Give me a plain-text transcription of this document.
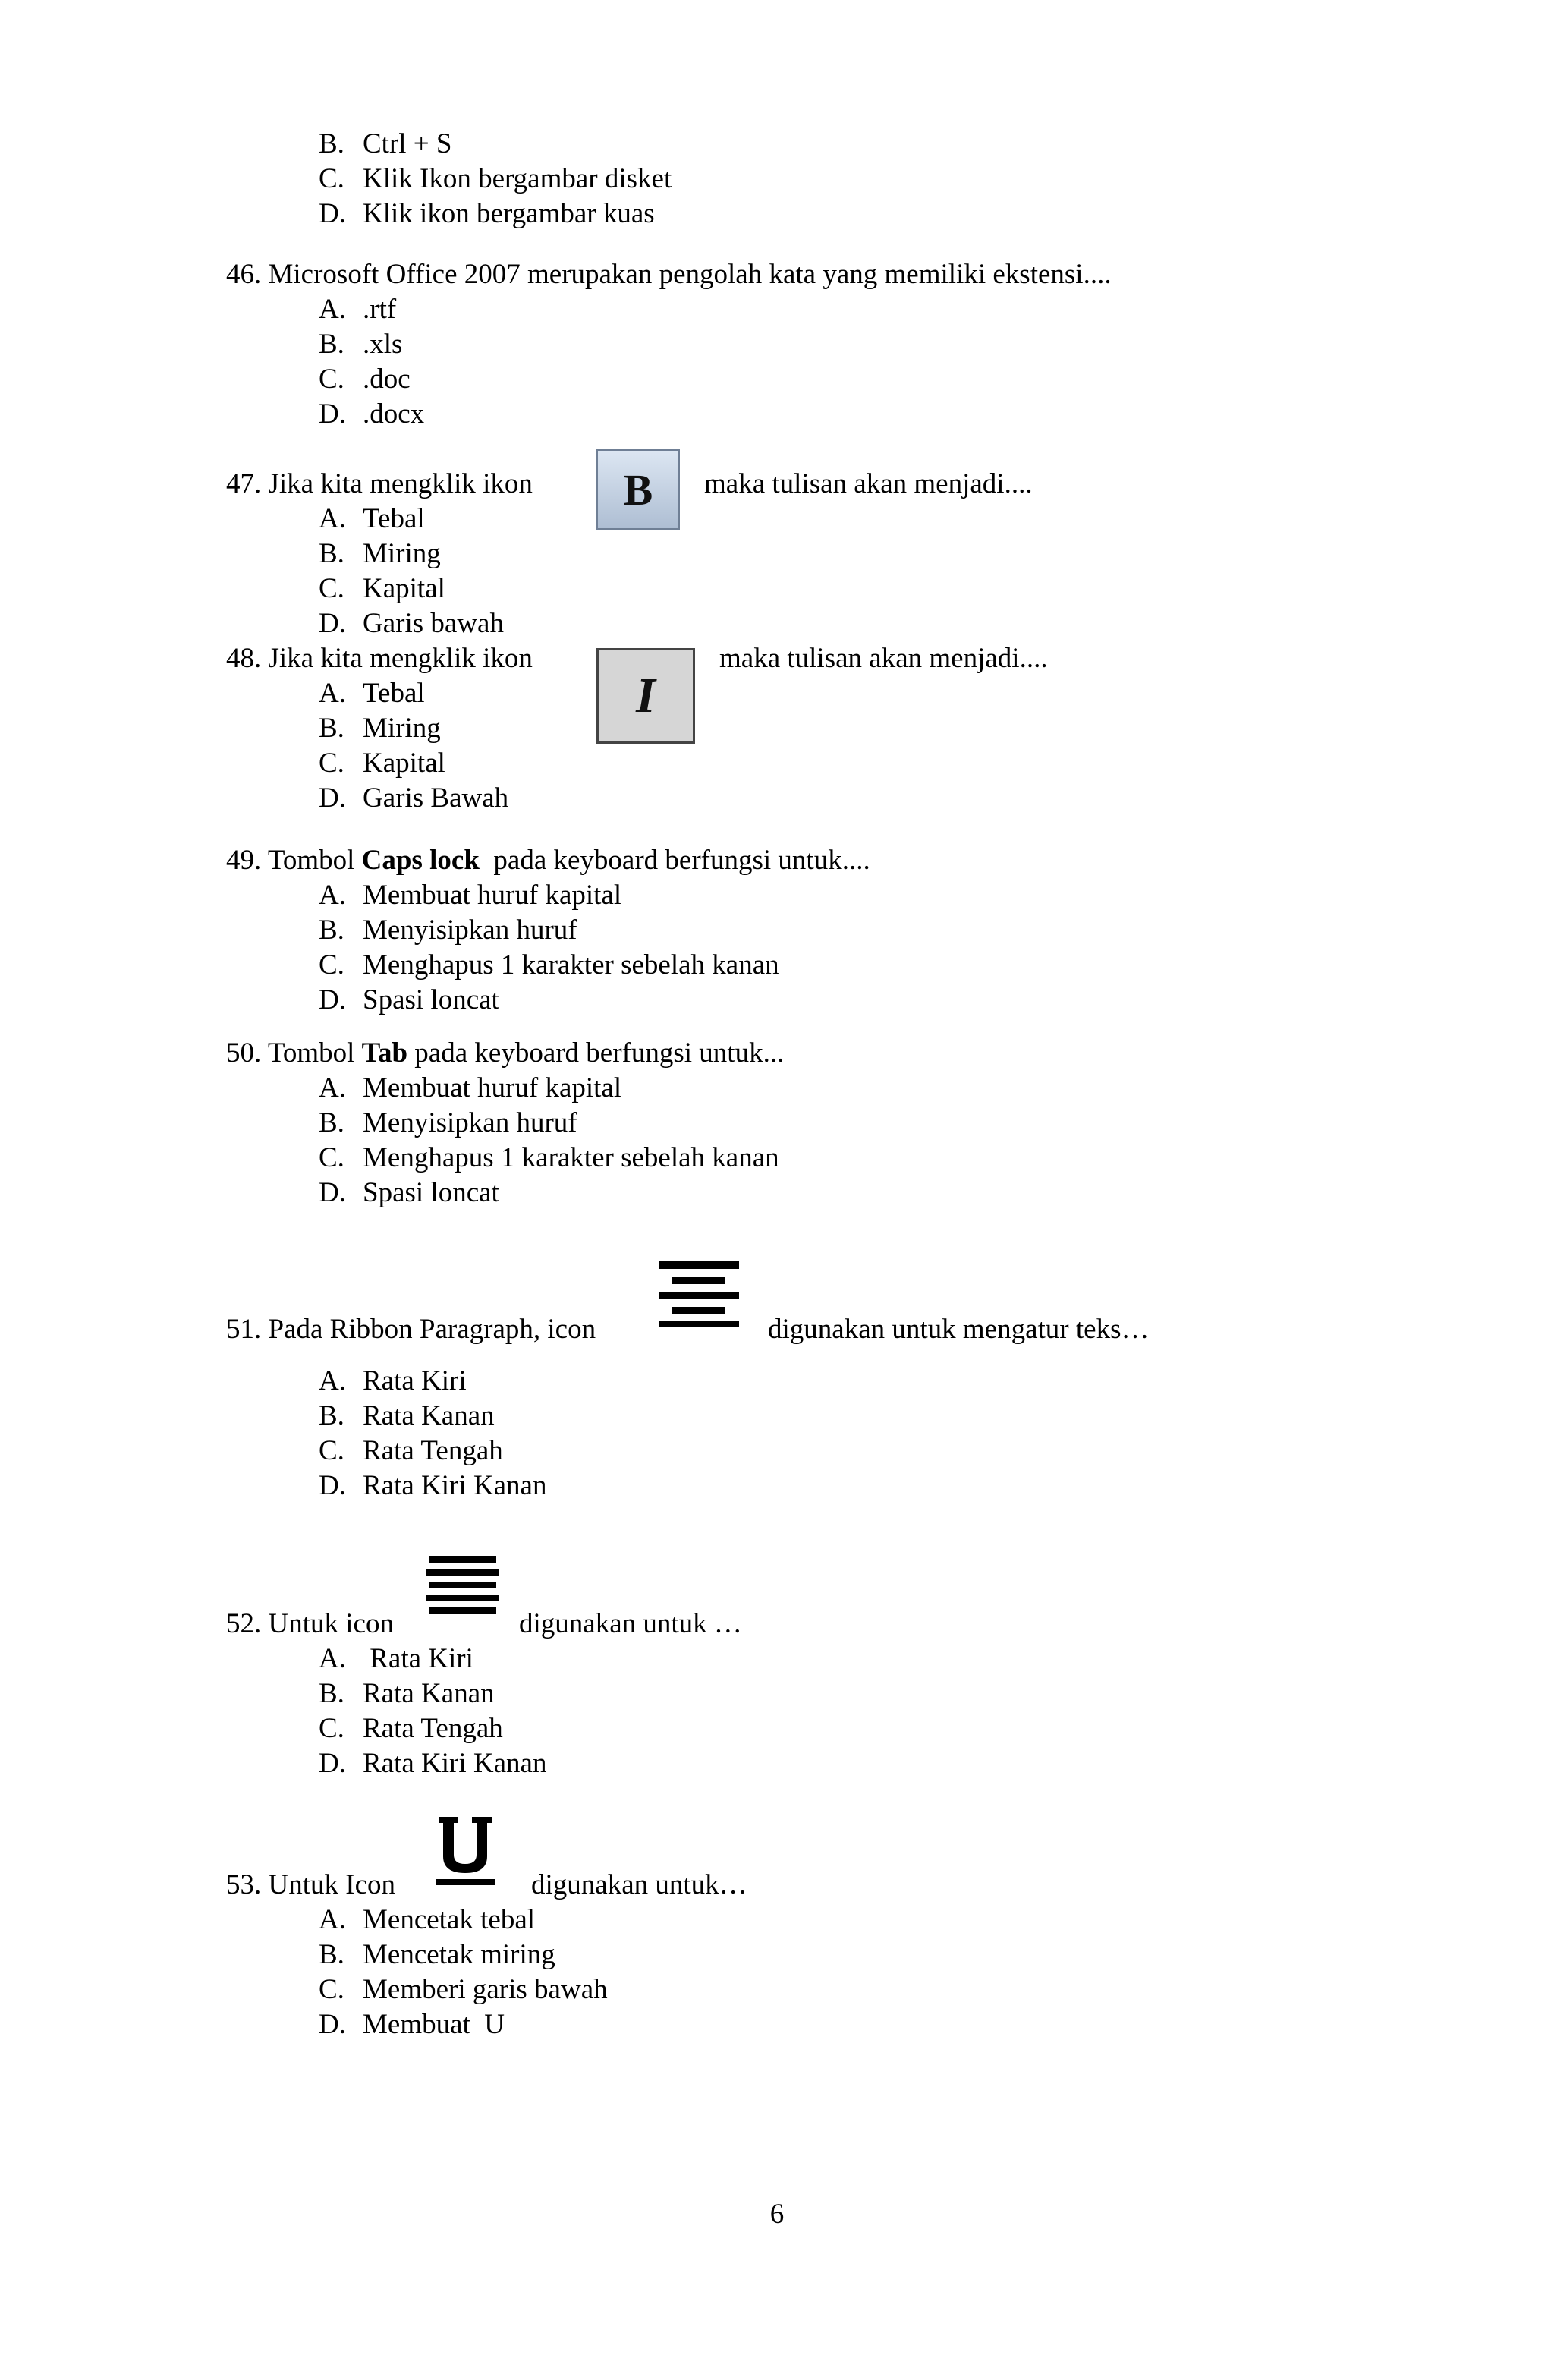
B. Ctrl + S
C. Klik Ikon bergambar disket
D. Klik ikon bergambar kuas
46. Microsoft Office 2007 merupakan pengolah kata yang memiliki ekstensi....
A. .rtf
B. .xls
C. .doc
D. .docx
47. Jika kita mengklik ikon B maka tulisan akan menjadi....
A. Tebal
B. Miring
C. Kapital
D. Garis bawah
48. Jika kita mengklik ikon
I
maka tulisan akan menjadi....
A. Tebal
B. Miring
C. Kapital
D. Garis Bawah
49. Tombol Caps lock pada keyboard berfungsi untuk....
A. Membuat huruf kapital
B. Menyisipkan huruf
C. Menghapus 1 karakter sebelah kanan
D. Spasi loncat
50. Tombol Tab pada keyboard berfungsi untuk...
A. Membuat huruf kapital
B. Menyisipkan huruf
C. Menghapus 1 karakter sebelah kanan
D. Spasi loncat
51. Pada Ribbon Paragraph, icon	digunakan untuk mengatur teks…
A. Rata Kiri
B. Rata Kanan
C. Rata Tengah
D. Rata Kiri Kanan
52. Untuk icon	digunakan untuk …
A. Rata Kiri
B. Rata Kanan
C. Rata Tengah
D. Rata Kiri Kanan
53. Untuk Icon	digunakan untuk…
A. Mencetak tebal
B. Mencetak miring
C. Memberi garis bawah
D. Membuat  U
6
